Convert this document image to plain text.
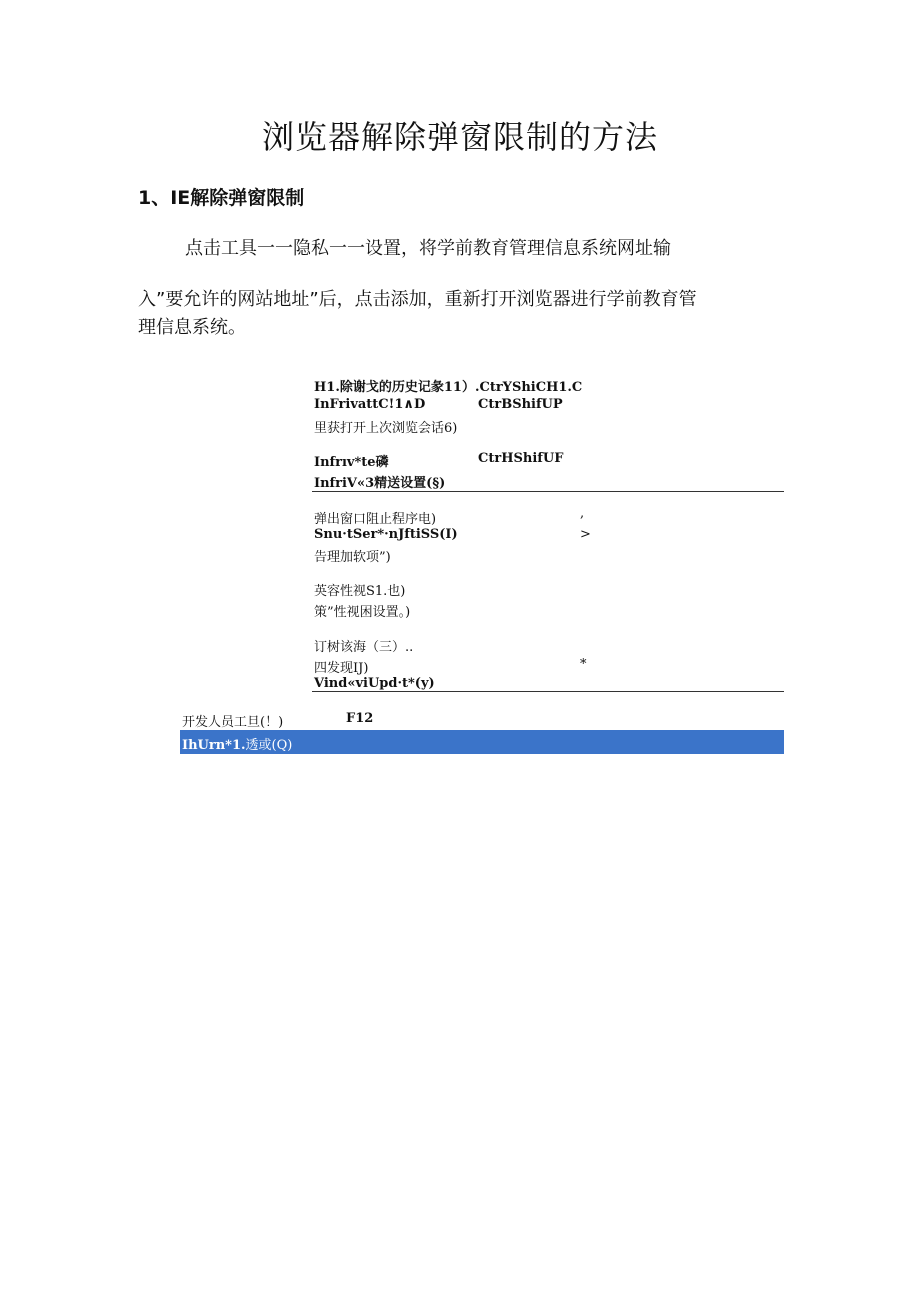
浏览器解除弹窗限制的方法
1、IE解除弹窗限制

点击工具一一隐私一一设置，将学前教育管理信息系统网址输

入”要允许的网站地址”后，点击添加，重新打开浏览器进行学前教育管

理信息系统。

H1.除谢戈的历史记彖11）.CtrYShiCH1.C
InFrivattC!1∧D	CtrBShifUP
里获打开上次浏览会话6)
Infrıv*te磷	CtrHShifUF
InfriV«3精送设置(§)
弹出窗口阻止程序电)	,
Snu·tSer*·nJftiSS(I)	>
告理加软项”)
英容性视S1.也)
策”性视困设置。)
订树该海（三）..
四发现IJ)	*
Vind«viUpd·t*(y)
开发人员工旦(！)	F12
IhUrn*1.透或(Q)
